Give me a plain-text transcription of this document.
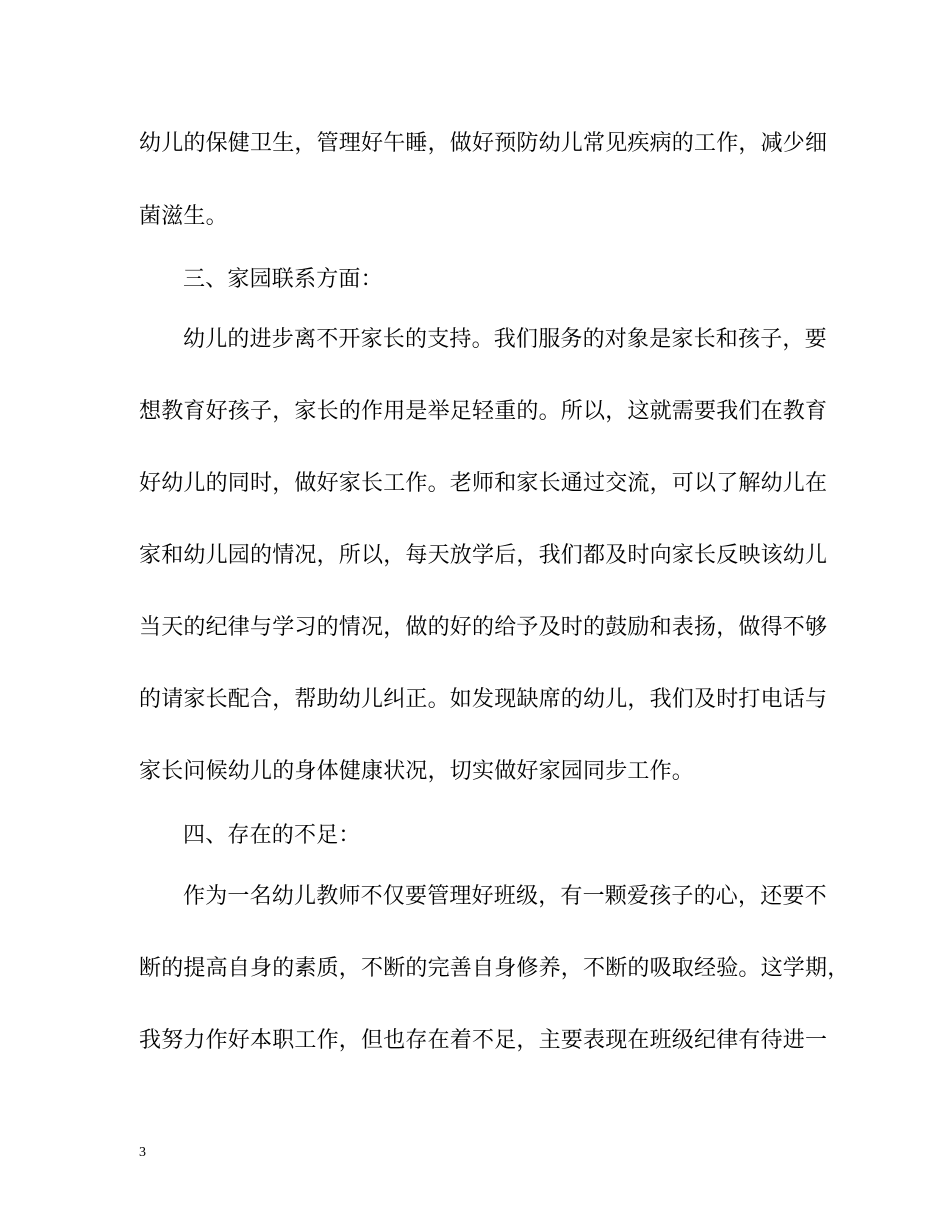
幼儿的保健卫生，管理好午睡，做好预防幼儿常见疾病的工作，减少细
菌滋生。
三、家园联系方面：
幼儿的进步离不开家长的支持。我们服务的对象是家长和孩子，要
想教育好孩子，家长的作用是举足轻重的。所以，这就需要我们在教育
好幼儿的同时，做好家长工作。老师和家长通过交流，可以了解幼儿在
家和幼儿园的情况，所以，每天放学后，我们都及时向家长反映该幼儿
当天的纪律与学习的情况，做的好的给予及时的鼓励和表扬，做得不够
的请家长配合，帮助幼儿纠正。如发现缺席的幼儿，我们及时打电话与
家长问候幼儿的身体健康状况，切实做好家园同步工作。
四、存在的不足：
作为一名幼儿教师不仅要管理好班级，有一颗爱孩子的心，还要不
断的提高自身的素质，不断的完善自身修养，不断的吸取经验。这学期，
我努力作好本职工作，但也存在着不足，主要表现在班级纪律有待进一
3
